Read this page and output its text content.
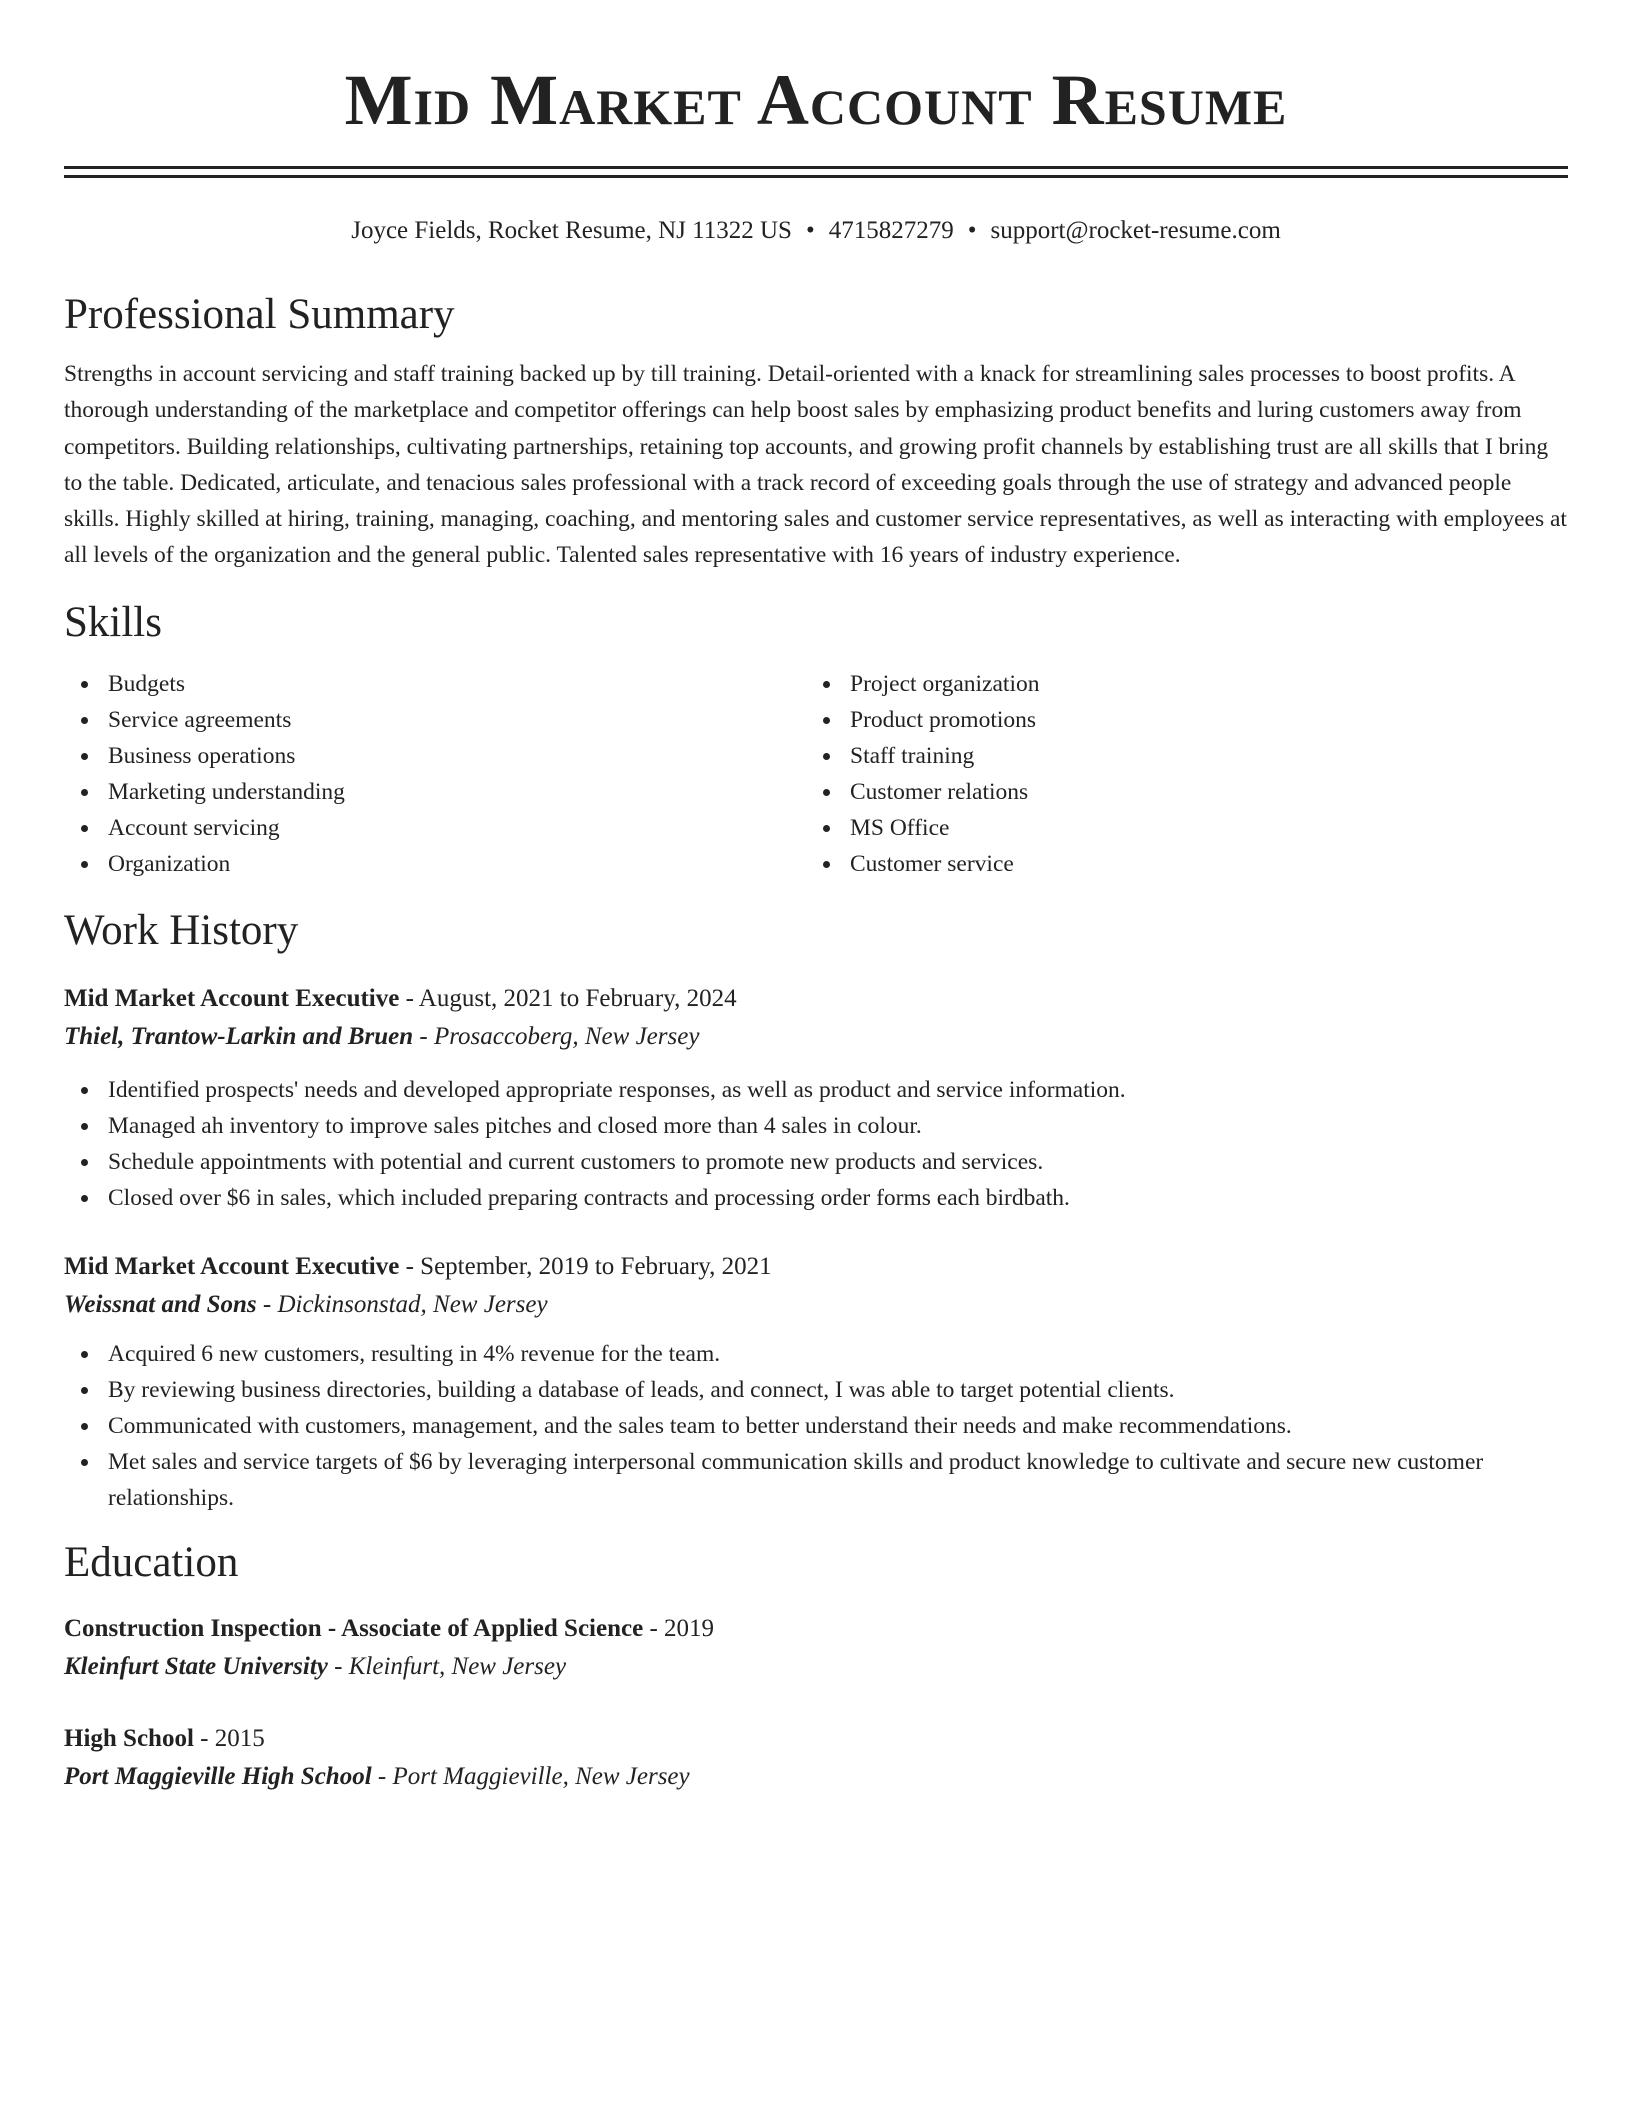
Mid Market Account Resume
Joyce Fields, Rocket Resume, NJ 11322 US • 4715827279 • support@rocket-resume.com
Professional Summary

Strengths in account servicing and staff training backed up by till training. Detail-oriented with a knack for streamlining sales processes to boost profits. A thorough understanding of the marketplace and competitor offerings can help boost sales by emphasizing product benefits and luring customers away from competitors. Building relationships, cultivating partnerships, retaining top accounts, and growing profit channels by establishing trust are all skills that I bring to the table. Dedicated, articulate, and tenacious sales professional with a track record of exceeding goals through the use of strategy and advanced people skills. Highly skilled at hiring, training, managing, coaching, and mentoring sales and customer service representatives, as well as interacting with employees at all levels of the organization and the general public. Talented sales representative with 16 years of industry experience.

Skills
Budgets
Service agreements
Business operations
Marketing understanding
Account servicing
Organization
Project organization
Product promotions
Staff training
Customer relations
MS Office
Customer service
Work History
Mid Market Account Executive - August, 2021 to February, 2024
Thiel, Trantow-Larkin and Bruen - Prosaccoberg, New Jersey
Identified prospects' needs and developed appropriate responses, as well as product and service information.
Managed ah inventory to improve sales pitches and closed more than 4 sales in colour.
Schedule appointments with potential and current customers to promote new products and services.
Closed over $6 in sales, which included preparing contracts and processing order forms each birdbath.
Mid Market Account Executive - September, 2019 to February, 2021
Weissnat and Sons - Dickinsonstad, New Jersey
Acquired 6 new customers, resulting in 4% revenue for the team.
By reviewing business directories, building a database of leads, and connect, I was able to target potential clients.
Communicated with customers, management, and the sales team to better understand their needs and make recommendations.
Met sales and service targets of $6 by leveraging interpersonal communication skills and product knowledge to cultivate and secure new customer relationships.
Education
Construction Inspection - Associate of Applied Science - 2019
Kleinfurt State University - Kleinfurt, New Jersey
High School - 2015
Port Maggieville High School - Port Maggieville, New Jersey
